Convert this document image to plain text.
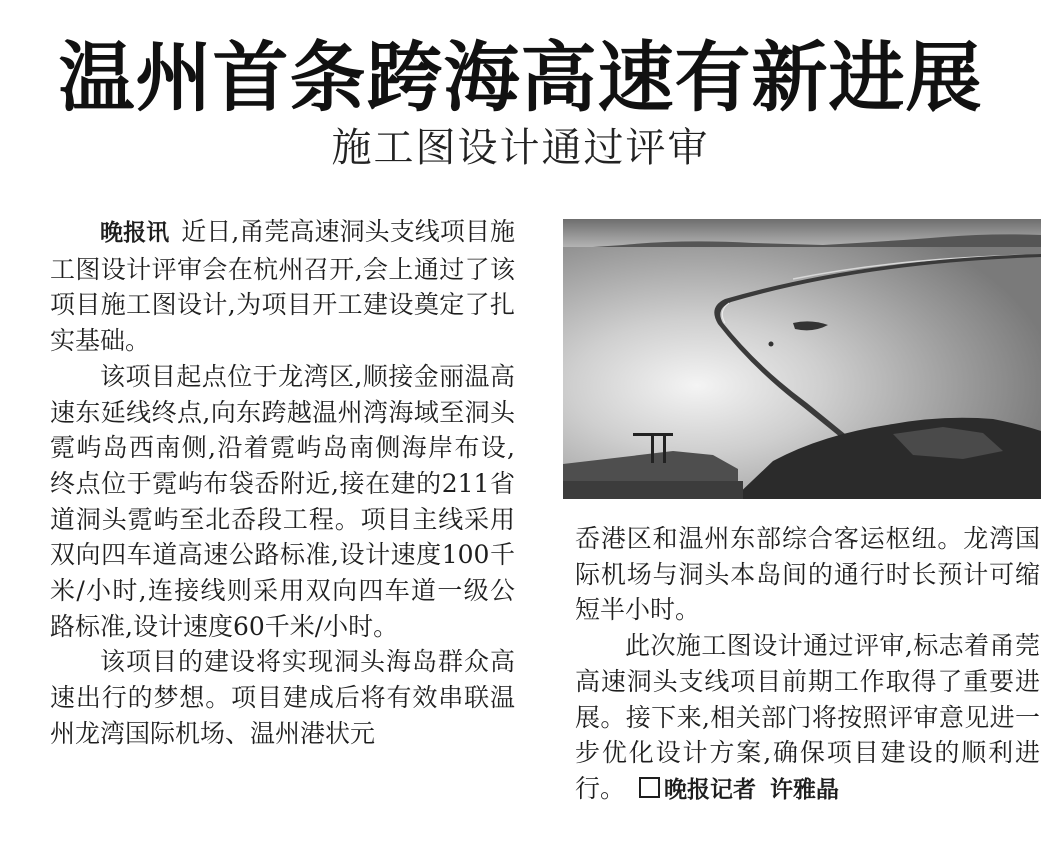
温州首条跨海高速有新进展
施工图设计通过评审

晚报讯 近日,甬莞高速洞头支线项目施工图设计评审会在杭州召开,会上通过了该项目施工图设计,为项目开工建设奠定了扎实基础。

该项目起点位于龙湾区,顺接金丽温高速东延线终点,向东跨越温州湾海域至洞头霓屿岛西南侧,沿着霓屿岛南侧海岸布设,终点位于霓屿布袋岙附近,接在建的211省道洞头霓屿至北岙段工程。项目主线采用双向四车道高速公路标准,设计速度100千米/小时,连接线则采用双向四车道一级公路标准,设计速度60千米/小时。

该项目的建设将实现洞头海岛群众高速出行的梦想。项目建成后将有效串联温州龙湾国际机场、温州港状元

岙港区和温州东部综合客运枢纽。龙湾国际机场与洞头本岛间的通行时长预计可缩短半小时。

此次施工图设计通过评审,标志着甬莞高速洞头支线项目前期工作取得了重要进展。接下来,相关部门将按照评审意见进一步优化设计方案,确保项目建设的顺利进行。 晚报记者 许雅晶
